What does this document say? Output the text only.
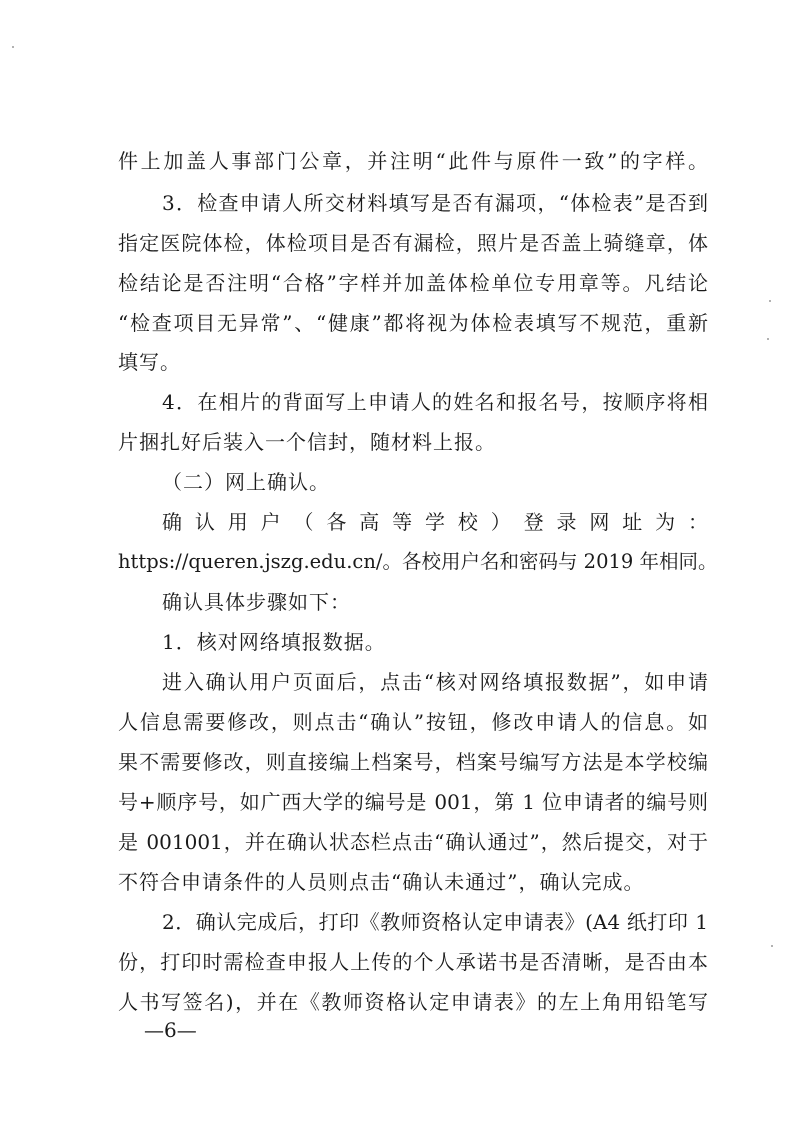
件上加盖人事部门公章，并注明“此件与原件一致”的字样。
3．检查申请人所交材料填写是否有漏项，“体检表”是否到
指定医院体检，体检项目是否有漏检，照片是否盖上骑缝章，体
检结论是否注明“合格”字样并加盖体检单位专用章等。凡结论
“检查项目无异常”、“健康”都将视为体检表填写不规范，重新
填写。
4．在相片的背面写上申请人的姓名和报名号，按顺序将相
片捆扎好后装入一个信封，随材料上报。
（二）网上确认。
确 认 用 户 （ 各 高 等 学 校 ） 登 录 网 址 为 ：
https://queren.jszg.edu.cn/。各校用户名和密码与 2019 年相同。
确认具体步骤如下：
1．核对网络填报数据。
进入确认用户页面后，点击“核对网络填报数据”，如申请
人信息需要修改，则点击“确认”按钮，修改申请人的信息。如
果不需要修改，则直接编上档案号，档案号编写方法是本学校编
号+顺序号，如广西大学的编号是 001，第 1 位申请者的编号则
是 001001，并在确认状态栏点击“确认通过”，然后提交，对于
不符合申请条件的人员则点击“确认未通过”，确认完成。
2．确认完成后，打印《教师资格认定申请表》(A4 纸打印 1
份，打印时需检查申报人上传的个人承诺书是否清晰，是否由本
人书写签名)，并在《教师资格认定申请表》的左上角用铅笔写
—6—
